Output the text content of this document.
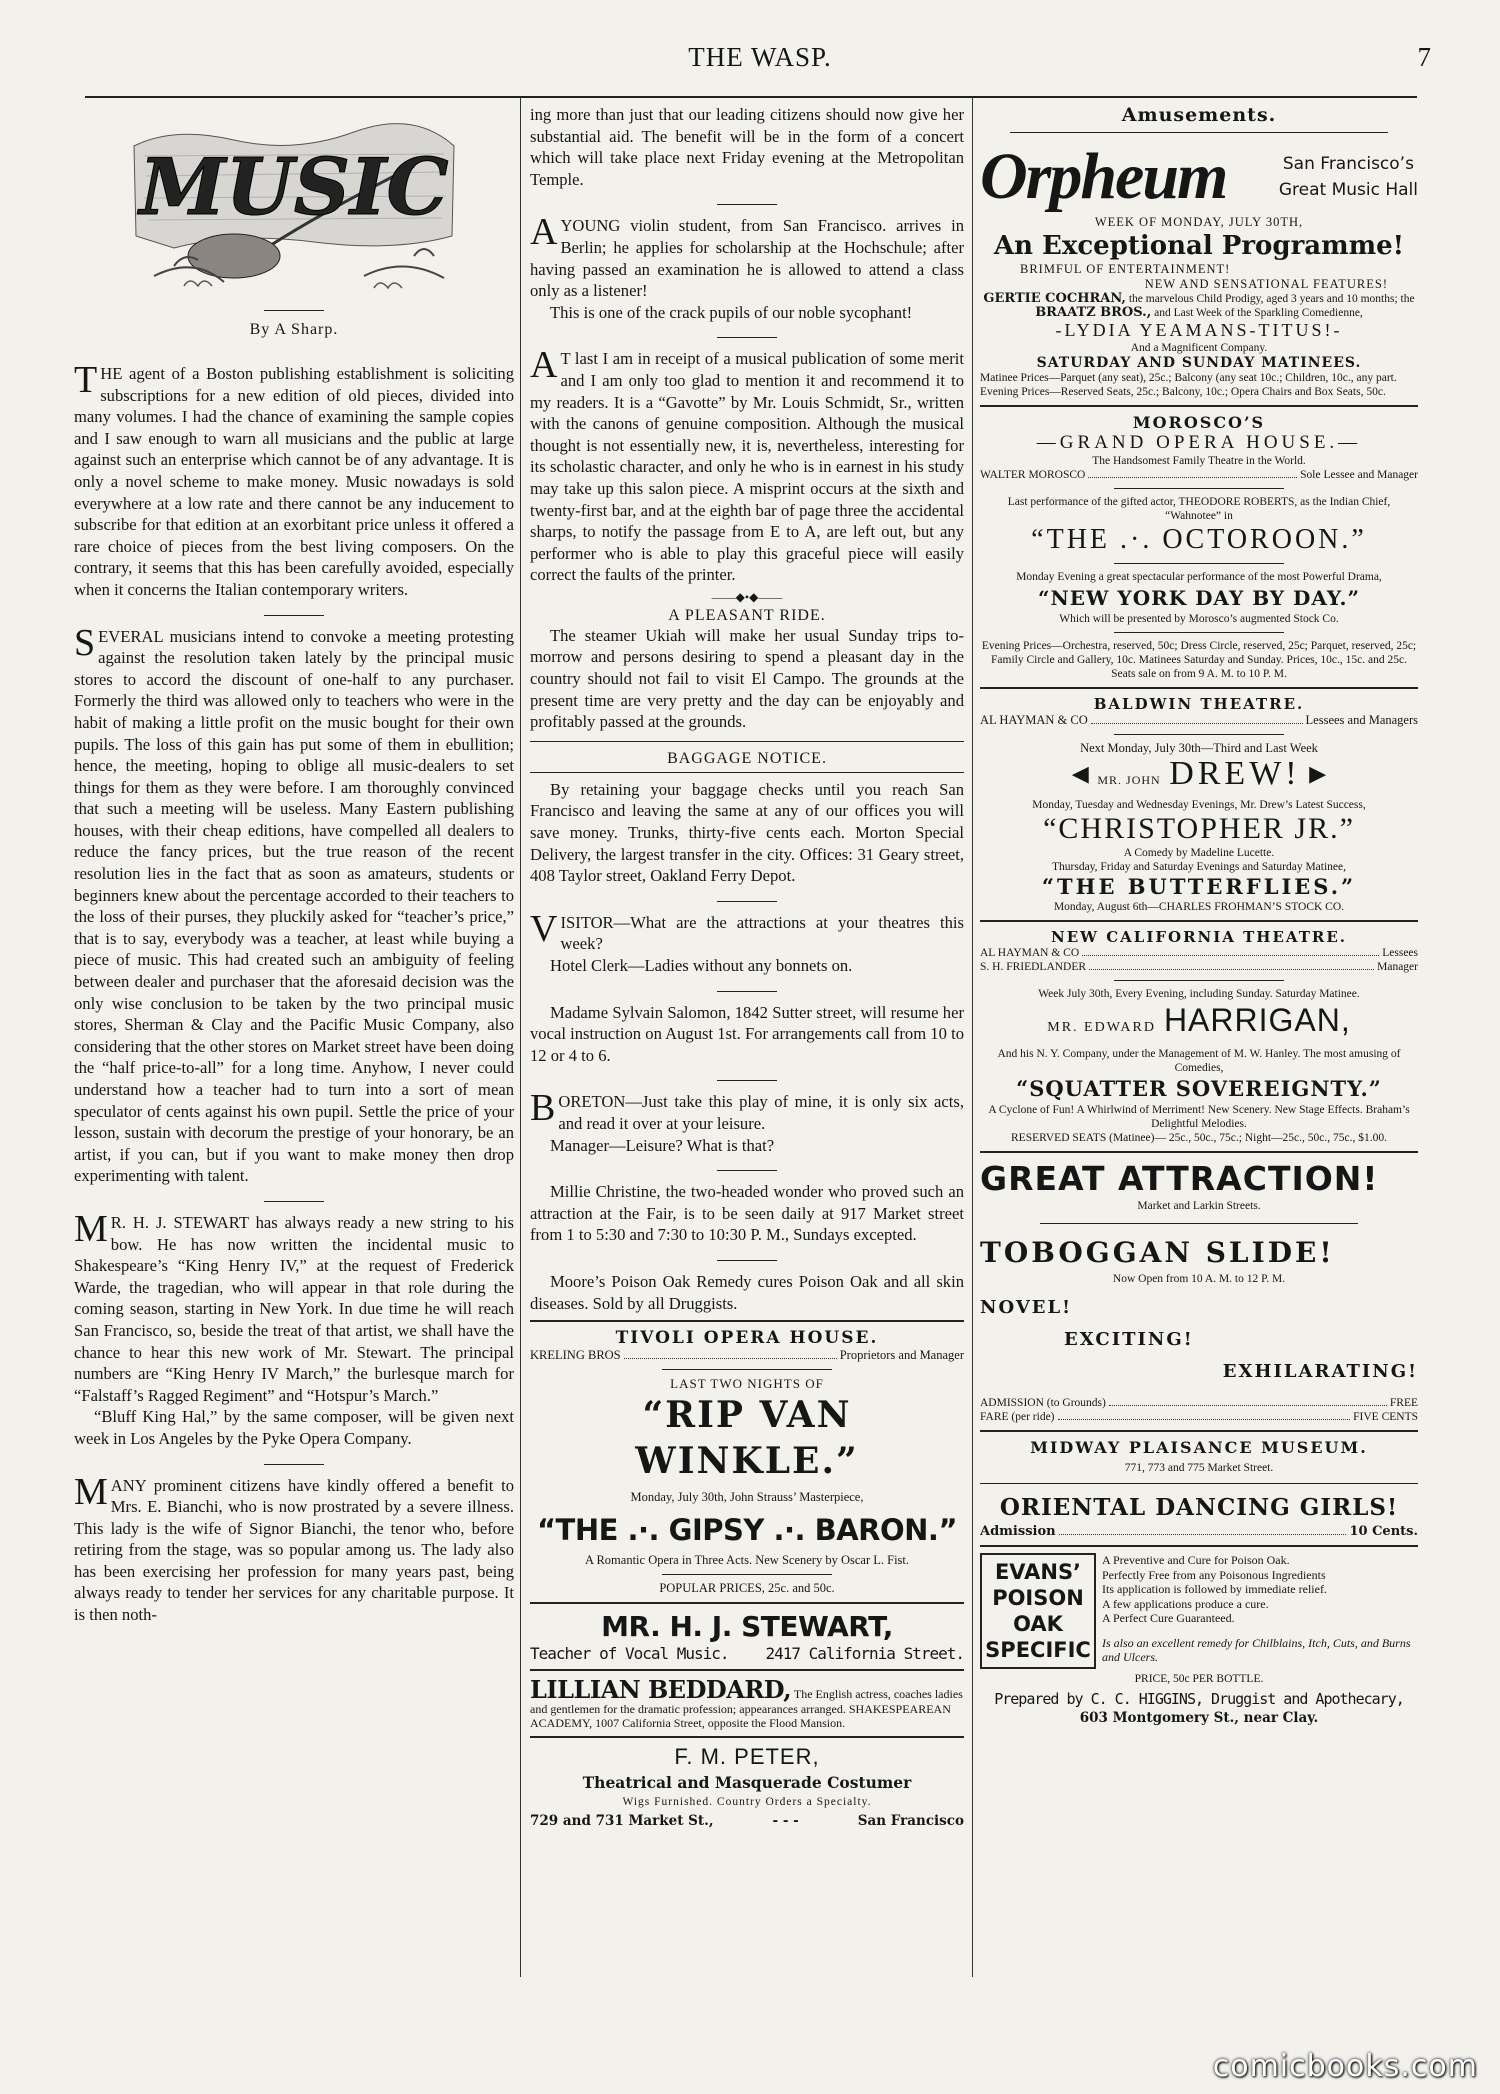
THE WASP.	7
MUSIC
By A Sharp.

THE agent of a Boston publishing establishment is soliciting subscriptions for a new edition of old pieces, divided into many volumes. I had the chance of examining the sample copies and I saw enough to warn all musicians and the public at large against such an enterprise which cannot be of any advantage. It is only a novel scheme to make money. Music nowadays is sold everywhere at a low rate and there cannot be any inducement to subscribe for that edition at an exorbitant price unless it offered a rare choice of pieces from the best living composers. On the contrary, it seems that this has been carefully avoided, especially when it concerns the Italian contemporary writers.

SEVERAL musicians intend to convoke a meeting protesting against the resolution taken lately by the principal music stores to accord the discount of one-half to any purchaser. Formerly the third was allowed only to teachers who were in the habit of making a little profit on the music bought for their own pupils. The loss of this gain has put some of them in ebullition; hence, the meeting, hoping to oblige all music-dealers to set things for them as they were before. I am thoroughly convinced that such a meeting will be useless. Many Eastern publishing houses, with their cheap editions, have compelled all dealers to reduce the fancy prices, but the true reason of the recent resolution lies in the fact that as soon as amateurs, students or beginners knew about the percentage accorded to their teachers to the loss of their purses, they pluckily asked for “teacher’s price,” that is to say, everybody was a teacher, at least while buying a piece of music. This had created such an ambiguity of feeling between dealer and purchaser that the aforesaid decision was the only wise conclusion to be taken by the two principal music stores, Sherman & Clay and the Pacific Music Company, also considering that the other stores on Market street have been doing the “half price-to-all” for a long time. Anyhow, I never could understand how a teacher had to turn into a sort of mean speculator of cents against his own pupil. Settle the price of your lesson, sustain with decorum the prestige of your honorary, be an artist, if you can, but if you want to make money then drop experimenting with talent.

M R. H. J. STEWART has always ready a new string to his bow. He has now written the incidental music to Shakespeare’s “King Henry IV,” at the request of Frederick Warde, the tragedian, who will appear in that role during the coming season, starting in New York. In due time he will reach San Francisco, so, beside the treat of that artist, we shall have the chance to hear this new work of Mr. Stewart. The principal numbers are “King Henry IV March,” the burlesque march for “Falstaff’s Ragged Regiment” and “Hotspur’s March.”

“Bluff King Hal,” by the same composer, will be given next week in Los Angeles by the Pyke Opera Company.

MANY prominent citizens have kindly offered a benefit to Mrs. E. Bianchi, who is now prostrated by a severe illness. This lady is the wife of Signor Bianchi, the tenor who, before retiring from the stage, was so popular among us. The lady also has been exercising her profession for many years past, being always ready to tender her services for any charitable purpose. It is then noth-

ing more than just that our leading citizens should now give her substantial aid. The benefit will be in the form of a concert which will take place next Friday evening at the Metropolitan Temple.

AYOUNG violin student, from San Francisco. arrives in Berlin; he applies for scholarship at the Hochschule; after having passed an examination he is allowed to attend a class only as a listener!

This is one of the crack pupils of our noble sycophant!

A T last I am in receipt of a musical publication of some merit and I am only too glad to mention it and recommend it to my readers. It is a “Gavotte” by Mr. Louis Schmidt, Sr., written with the canons of genuine composition. Although the musical thought is not essentially new, it is, nevertheless, interesting for its scholastic character, and only he who is in earnest in his study may take up this salon piece. A misprint occurs at the sixth and twenty-first bar, and at the eighth bar of page three the accidental sharps, to notify the passage from E to A, are left out, but any performer who is able to play this graceful piece will easily correct the faults of the printer.

——◆•◆——
A PLEASANT RIDE.

The steamer Ukiah will make her usual Sunday trips to-morrow and persons desiring to spend a pleasant day in the country should not fail to visit El Campo. The grounds at the present time are very pretty and the day can be enjoyably and profitably passed at the grounds.

BAGGAGE NOTICE.

By retaining your baggage checks until you reach San Francisco and leaving the same at any of our offices you will save money. Trunks, thirty-five cents each. Morton Special Delivery, the largest transfer in the city. Offices: 31 Geary street, 408 Taylor street, Oakland Ferry Depot.

VISITOR—What are the attractions at your theatres this week?

Hotel Clerk—Ladies without any bonnets on.

Madame Sylvain Salomon, 1842 Sutter street, will resume her vocal instruction on August 1st. For arrangements call from 10 to 12 or 4 to 6.

BORETON—Just take this play of mine, it is only six acts, and read it over at your leisure.

Manager—Leisure? What is that?

Millie Christine, the two-headed wonder who proved such an attraction at the Fair, is to be seen daily at 917 Market street from 1 to 5:30 and 7:30 to 10:30 P. M., Sundays excepted.

Moore’s Poison Oak Remedy cures Poison Oak and all skin diseases. Sold by all Druggists.

TIVOLI OPERA HOUSE.
KRELING BROS	Proprietors and Manager
LAST TWO NIGHTS OF
“RIP VAN WINKLE.”
Monday, July 30th, John Strauss’ Masterpiece,
“THE .·. GIPSY .·. BARON.”
A Romantic Opera in Three Acts. New Scenery by Oscar L. Fist.
POPULAR PRICES, 25c. and 50c.
MR. H. J. STEWART,
Teacher of Vocal Music. 2417 California Street.
LILLIAN BEDDARD, The English actress, coaches ladies and gentlemen for the dramatic profession; appearances arranged. SHAKESPEAREAN ACADEMY, 1007 California Street, opposite the Flood Mansion.
F. M. PETER,
Theatrical and Masquerade Costumer
Wigs Furnished. Country Orders a Specialty.
729 and 731 Market St.,	- - -	San Francisco
Amusements.
Orpheum	San Francisco’s
Great Music Hall
WEEK OF MONDAY, JULY 30TH,
An Exceptional Programme!
BRIMFUL OF ENTERTAINMENT!
NEW AND SENSATIONAL FEATURES!
GERTIE COCHRAN, the marvelous Child Prodigy, aged 3 years and 10 months; the BRAATZ BROS., and Last Week of the Sparkling Comedienne,
-LYDIA YEAMANS-TITUS!-
And a Magnificent Company.
SATURDAY AND SUNDAY MATINEES.
Matinee Prices—Parquet (any seat), 25c.; Balcony (any seat 10c.; Children, 10c., any part.
Evening Prices—Reserved Seats, 25c.; Balcony, 10c.; Opera Chairs and Box Seats, 50c.
MOROSCO’S
—GRAND OPERA HOUSE.—
The Handsomest Family Theatre in the World.
WALTER MOROSCO	Sole Lessee and Manager
Last performance of the gifted actor, THEODORE ROBERTS, as the Indian Chief, “Wahnotee” in
“THE .·. OCTOROON.”
Monday Evening a great spectacular performance of the most Powerful Drama,
“NEW YORK DAY BY DAY.”
Which will be presented by Morosco’s augmented Stock Co.
Evening Prices—Orchestra, reserved, 50c; Dress Circle, reserved, 25c; Parquet, reserved, 25c; Family Circle and Gallery, 10c. Matinees Saturday and Sunday. Prices, 10c., 15c. and 25c. Seats sale on from 9 A. M. to 10 P. M.
BALDWIN THEATRE.
AL HAYMAN & CO	Lessees and Managers
Next Monday, July 30th—Third and Last Week
◂ MR. JOHN DREW! ▸
Monday, Tuesday and Wednesday Evenings, Mr. Drew’s Latest Success,
“CHRISTOPHER JR.”
A Comedy by Madeline Lucette.
Thursday, Friday and Saturday Evenings and Saturday Matinee,
“THE BUTTERFLIES.”
Monday, August 6th—CHARLES FROHMAN’S STOCK CO.
NEW CALIFORNIA THEATRE.
AL HAYMAN & CO	Lessees
S. H. FRIEDLANDER	Manager
Week July 30th, Every Evening, including Sunday. Saturday Matinee.
MR. EDWARD HARRIGAN,
And his N. Y. Company, under the Management of M. W. Hanley. The most amusing of Comedies,
“SQUATTER SOVEREIGNTY.”
A Cyclone of Fun! A Whirlwind of Merriment! New Scenery. New Stage Effects. Braham’s Delightful Melodies.
RESERVED SEATS (Matinee)— 25c., 50c., 75c.; Night—25c., 50c., 75c., $1.00.
GREAT ATTRACTION!
Market and Larkin Streets.
TOBOGGAN SLIDE!
Now Open from 10 A. M. to 12 P. M.
NOVEL!
EXCITING!
EXHILARATING!
ADMISSION (to Grounds)	FREE
FARE (per ride)	FIVE CENTS
MIDWAY PLAISANCE MUSEUM.
771, 773 and 775 Market Street.
ORIENTAL DANCING GIRLS!
Admission	10 Cents.
EVANS’
POISON
OAK
SPECIFIC
A Preventive and Cure for Poison Oak.
Perfectly Free from any Poisonous Ingredients
Its application is followed by immediate relief.
A few applications produce a cure.
A Perfect Cure Guaranteed.
Is also an excellent remedy for Chilblains, Itch, Cuts, and Burns and Ulcers.
PRICE, 50c PER BOTTLE.
Prepared by C. C. HIGGINS, Druggist and Apothecary,
603 Montgomery St., near Clay.
comicbooks.com
